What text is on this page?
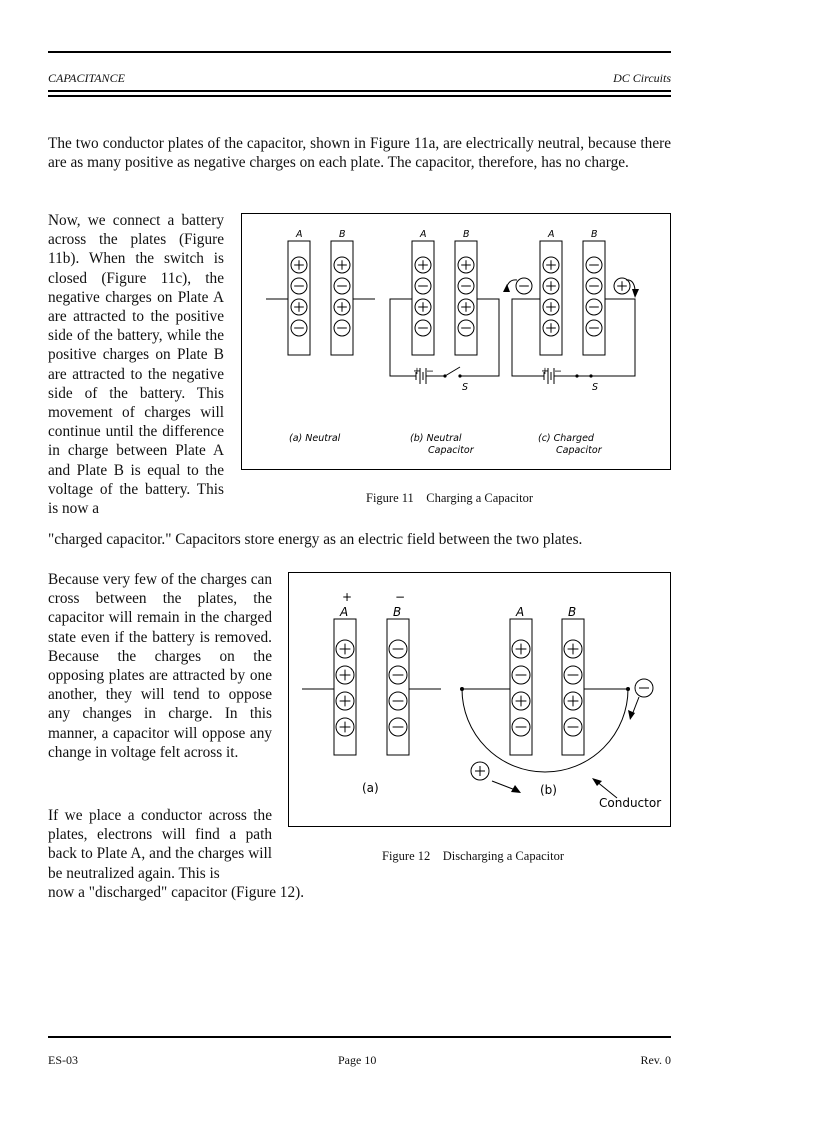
CAPACITANCE	DC Circuits

The two conductor plates of the capacitor, shown in Figure 11a, are electrically neutral, because there are as many positive as negative charges on each plate. The capacitor, therefore, has no charge.

Now, we connect a battery across the plates (Figure 11b). When the switch is closed (Figure 11c), the negative charges on Plate A are attracted to the positive side of the battery, while the positive charges on Plate B are attracted to the negative side of the battery. This movement of charges will continue until the difference in charge between Plate A and Plate B is equal to the voltage of the battery. This is now a

"charged capacitor." Capacitors store energy as an electric field between the two plates.

A	B	A	B	A	B
+ −	+ −
S	S
(a) Neutral	(b) Neutral
Capacitor
(c) Charged
Capacitor
Figure 11    Charging a Capacitor

Because very few of the charges can cross between the plates, the capacitor will remain in the charged state even if the battery is removed. Because the charges on the opposing plates are attracted by one another, they will tend to oppose any changes in charge. In this manner, a capacitor will oppose any change in voltage felt across it.

If we place a conductor across the plates, electrons will find a path back to Plate A, and the charges will be neutralized again. This is

now a "discharged" capacitor (Figure 12).

+	−
A	B	A	B
(a)	(b)
Conductor
Figure 12    Discharging a Capacitor
ES-03	Page 10	Rev. 0
